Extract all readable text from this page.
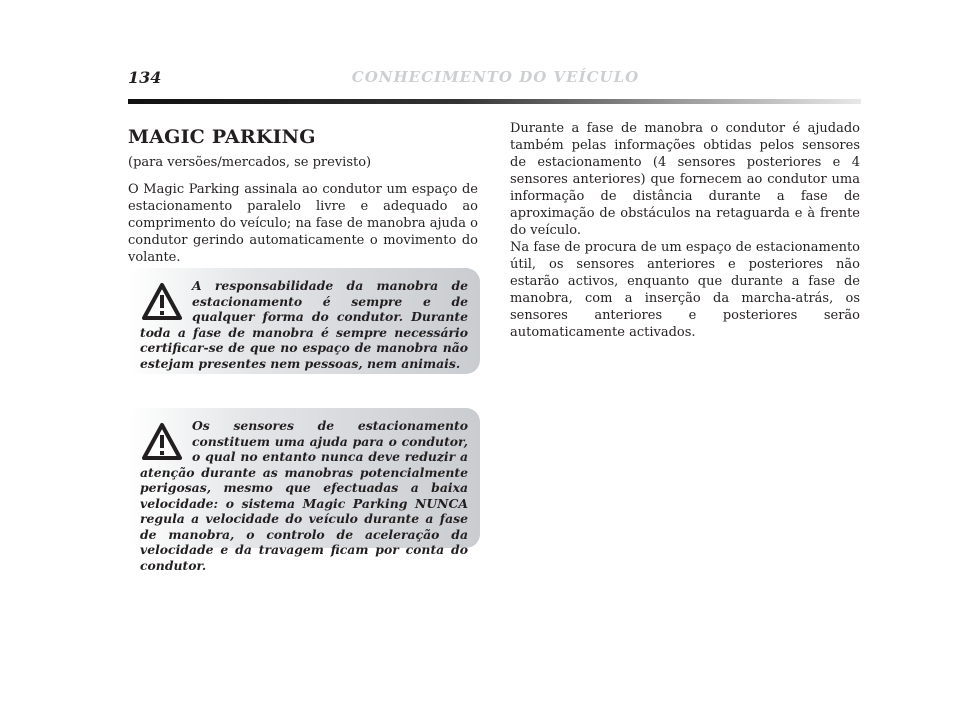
134	CONHECIMENTO DO VEÍCULO
MAGIC PARKING

(para versões/mercados, se previsto)

O Magic Parking assinala ao condutor um espaço de estacionamento paralelo livre e adequado ao comprimento do veículo; na fase de manobra ajuda o condutor gerindo automaticamente o movimento do volante.

A responsabilidade da manobra de estacionamento é sempre e de qualquer forma do condutor. Durante toda a fase de manobra é sempre necessário certificar-se de que no espaço de manobra não estejam presentes nem pessoas, nem animais.

Os sensores de estacionamento constituem uma ajuda para o condutor, o qual no entanto nunca deve reduzir a atenção durante as manobras potencialmente perigosas, mesmo que efectuadas a baixa velocidade: o sistema Magic Parking NUNCA regula a velocidade do veículo durante a fase de manobra, o controlo de aceleração da velocidade e da travagem ficam por conta do condutor.

Durante a fase de manobra o condutor é ajudado também pelas informações obtidas pelos sensores de estacionamento (4 sensores posteriores e 4 sensores anteriores) que fornecem ao condutor uma informação de distância durante a fase de aproximação de obstáculos na retaguarda e à frente do veículo.

Na fase de procura de um espaço de estacionamento útil, os sensores anteriores e posteriores não estarão activos, enquanto que durante a fase de manobra, com a inserção da marcha-atrás, os sensores anteriores e posteriores serão automaticamente activados.
